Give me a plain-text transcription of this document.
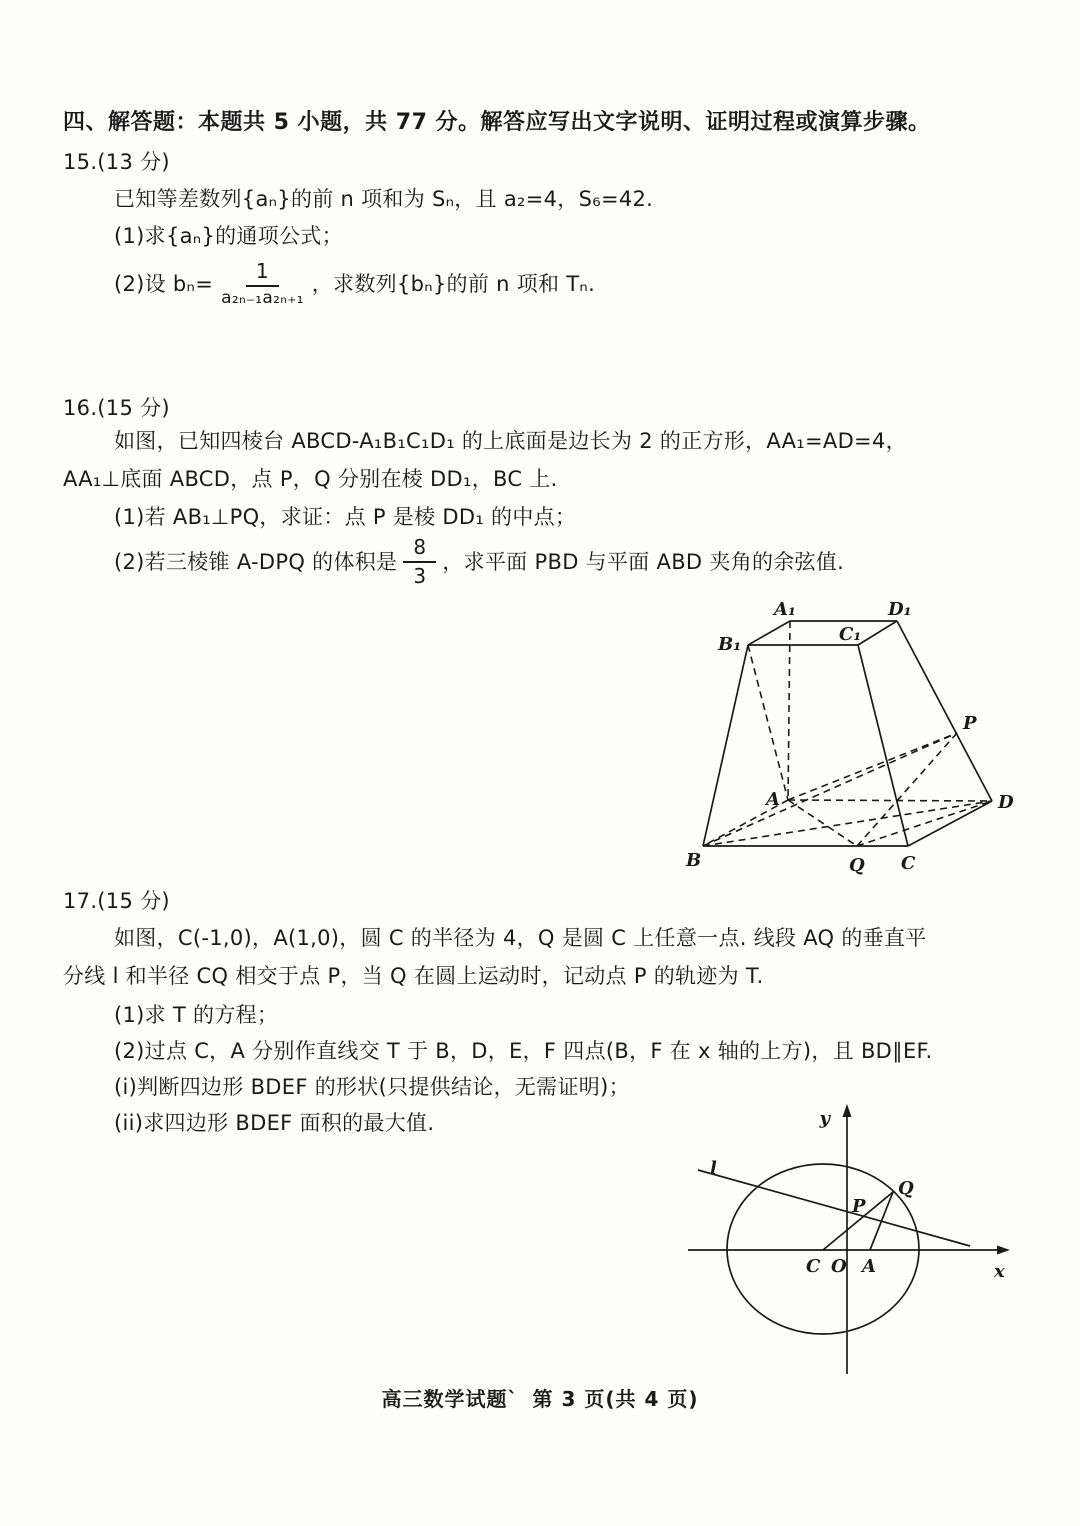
四、解答题：本题共 5 小题，共 77 分。解答应写出文字说明、证明过程或演算步骤。
15.(13 分)
已知等差数列{aₙ}的前 n 项和为 Sₙ，且 a₂=4，S₆=42.
(1)求{aₙ}的通项公式；
(2)设 $b_n= \frac{1}{\text{a₂ₙ₋₁a₂ₙ₊₁}}$ ，求数列{bₙ}的前 n 项和 Tₙ.
16.(15 分)
如图，已知四棱台 ABCD-A₁B₁C₁D₁ 的上底面是边长为 2 的正方形，AA₁=AD=4，
AA₁⊥底面 ABCD，点 P，Q 分别在棱 DD₁，BC 上.
(1)若 AB₁⊥PQ，求证：点 P 是棱 DD₁ 的中点；
(2)若三棱锥 A-DPQ 的体积是 $\frac{8}{3}$ ，求平面 PBD 与平面 ABD 夹角的余弦值.
A₁	D₁
B₁	C₁
P
D
A
B	Q C
17.(15 分)
如图，C(-1,0)，A(1,0)，圆 C 的半径为 4，Q 是圆 C 上任意一点. 线段 AQ 的垂直平
分线 l 和半径 CQ 相交于点 P，当 Q 在圆上运动时，记动点 P 的轨迹为 T.
(1)求 T 的方程；
(2)过点 C，A 分别作直线交 T 于 B，D，E，F 四点(B，F 在 x 轴的上方)，且 BD∥EF.
(i)判断四边形 BDEF 的形状(只提供结论，无需证明)；
(ii)求四边形 BDEF 面积的最大值.	y
x
l
Q
P
C O A
高三数学试题` 第 3 页(共 4 页)
